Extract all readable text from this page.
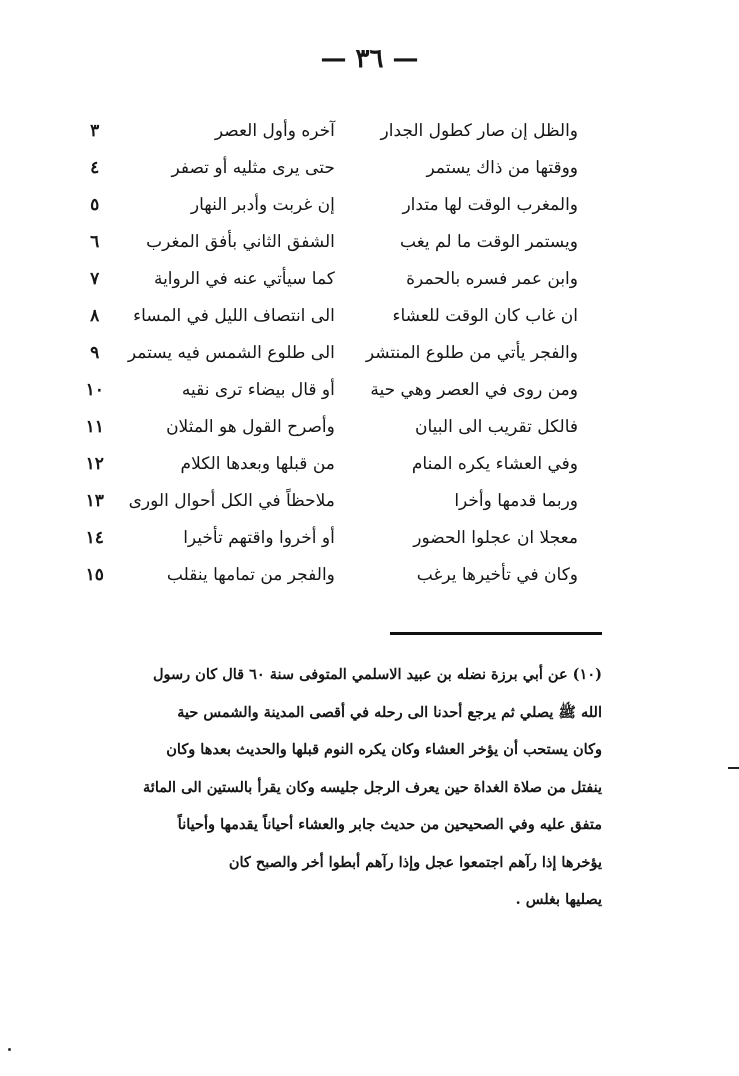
— ٣٦ —
والظل إن صار كطول الجدار
آخره وأول العصر
٣
ووقتها من ذاك يستمر
حتى يرى مثليه أو تصفر
٤
والمغرب الوقت لها متدار
إن غربت وأدبر النهار
٥
ويستمر الوقت ما لم يغب
الشفق الثاني بأفق المغرب
٦
وابن عمر فسره بالحمرة
كما سيأتي عنه في الرواية
٧
ان غاب كان الوقت للعشاء
الى انتصاف الليل في المساء
٨
والفجر يأتي من طلوع المنتشر
الى طلوع الشمس فيه يستمر
٩
ومن روى في العصر وهي حية
أو قال بيضاء ترى نقيه
١٠
فالكل تقريب الى البيان
وأصرح القول هو المثلان
١١
وفي العشاء يكره المنام
من قبلها وبعدها الكلام
١٢
وربما قدمها وأخرا
ملاحظاً في الكل أحوال الورى
١٣
معجلا ان عجلوا الحضور
أو أخروا واقتهم تأخيرا
١٤
وكان في تأخيرها يرغب
والفجر من تمامها ينقلب
١٥
(١٠) عن أبي برزة نضله بن عبيد الاسلمي المتوفى سنة ٦٠ قال كان رسول
الله ﷺ يصلي ثم يرجع أحدنا الى رحله في أقصى المدينة والشمس حية
وكان يستحب أن يؤخر العشاء وكان يكره النوم قبلها والحديث بعدها وكان
ينفتل من صلاة الغداة حين يعرف الرجل جليسه وكان يقرأ بالستين الى المائة
متفق عليه وفي الصحيحين من حديث جابر والعشاء أحياناً يقدمها وأحياناً
يؤخرها إذا رآهم اجتمعوا عجل وإذا رآهم أبطوا أخر والصبح كان
يصليها بغلس .
